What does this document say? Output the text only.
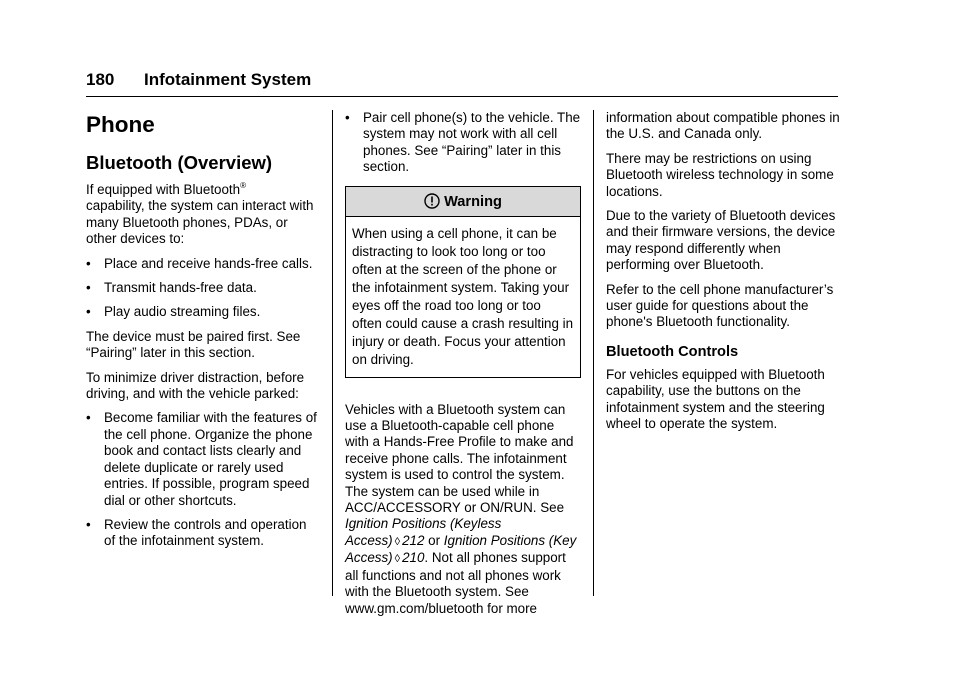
180 Infotainment System
Phone
Bluetooth (Overview)

If equipped with Bluetooth®
capability, the system can interact with many Bluetooth phones, PDAs, or other devices to:

• Place and receive hands-free calls.
• Transmit hands-free data.
• Play audio streaming files.

The device must be paired first. See “Pairing” later in this section.

To minimize driver distraction, before driving, and with the vehicle parked:

• Become familiar with the features of the cell phone. Organize the phone book and contact lists clearly and delete duplicate or rarely used entries. If possible, program speed dial or other shortcuts.
• Review the controls and operation of the infotainment system.
• Pair cell phone(s) to the vehicle. The system may not work with all cell phones. See “Pairing” later in this section.
Warning
When using a cell phone, it can be distracting to look too long or too often at the screen of the phone or the infotainment system. Taking your eyes off the road too long or too often could cause a crash resulting in injury or death. Focus your attention on driving.

Vehicles with a Bluetooth system can use a Bluetooth-capable cell phone with a Hands-Free Profile to make and receive phone calls. The infotainment system is used to control the system. The system can be used while in ACC/ACCESSORY or ON/RUN. See Ignition Positions (Keyless Access) ◊ 212 or Ignition Positions (Key Access) ◊ 210. Not all phones support all functions and not all phones work with the Bluetooth system. See www.gm.com/bluetooth for more

information about compatible phones in the U.S. and Canada only.

There may be restrictions on using Bluetooth wireless technology in some locations.

Due to the variety of Bluetooth devices and their firmware versions, the device may respond differently when performing over Bluetooth.

Refer to the cell phone manufacturer’s user guide for questions about the phone's Bluetooth functionality.

Bluetooth Controls

For vehicles equipped with Bluetooth capability, use the buttons on the infotainment system and the steering wheel to operate the system.
